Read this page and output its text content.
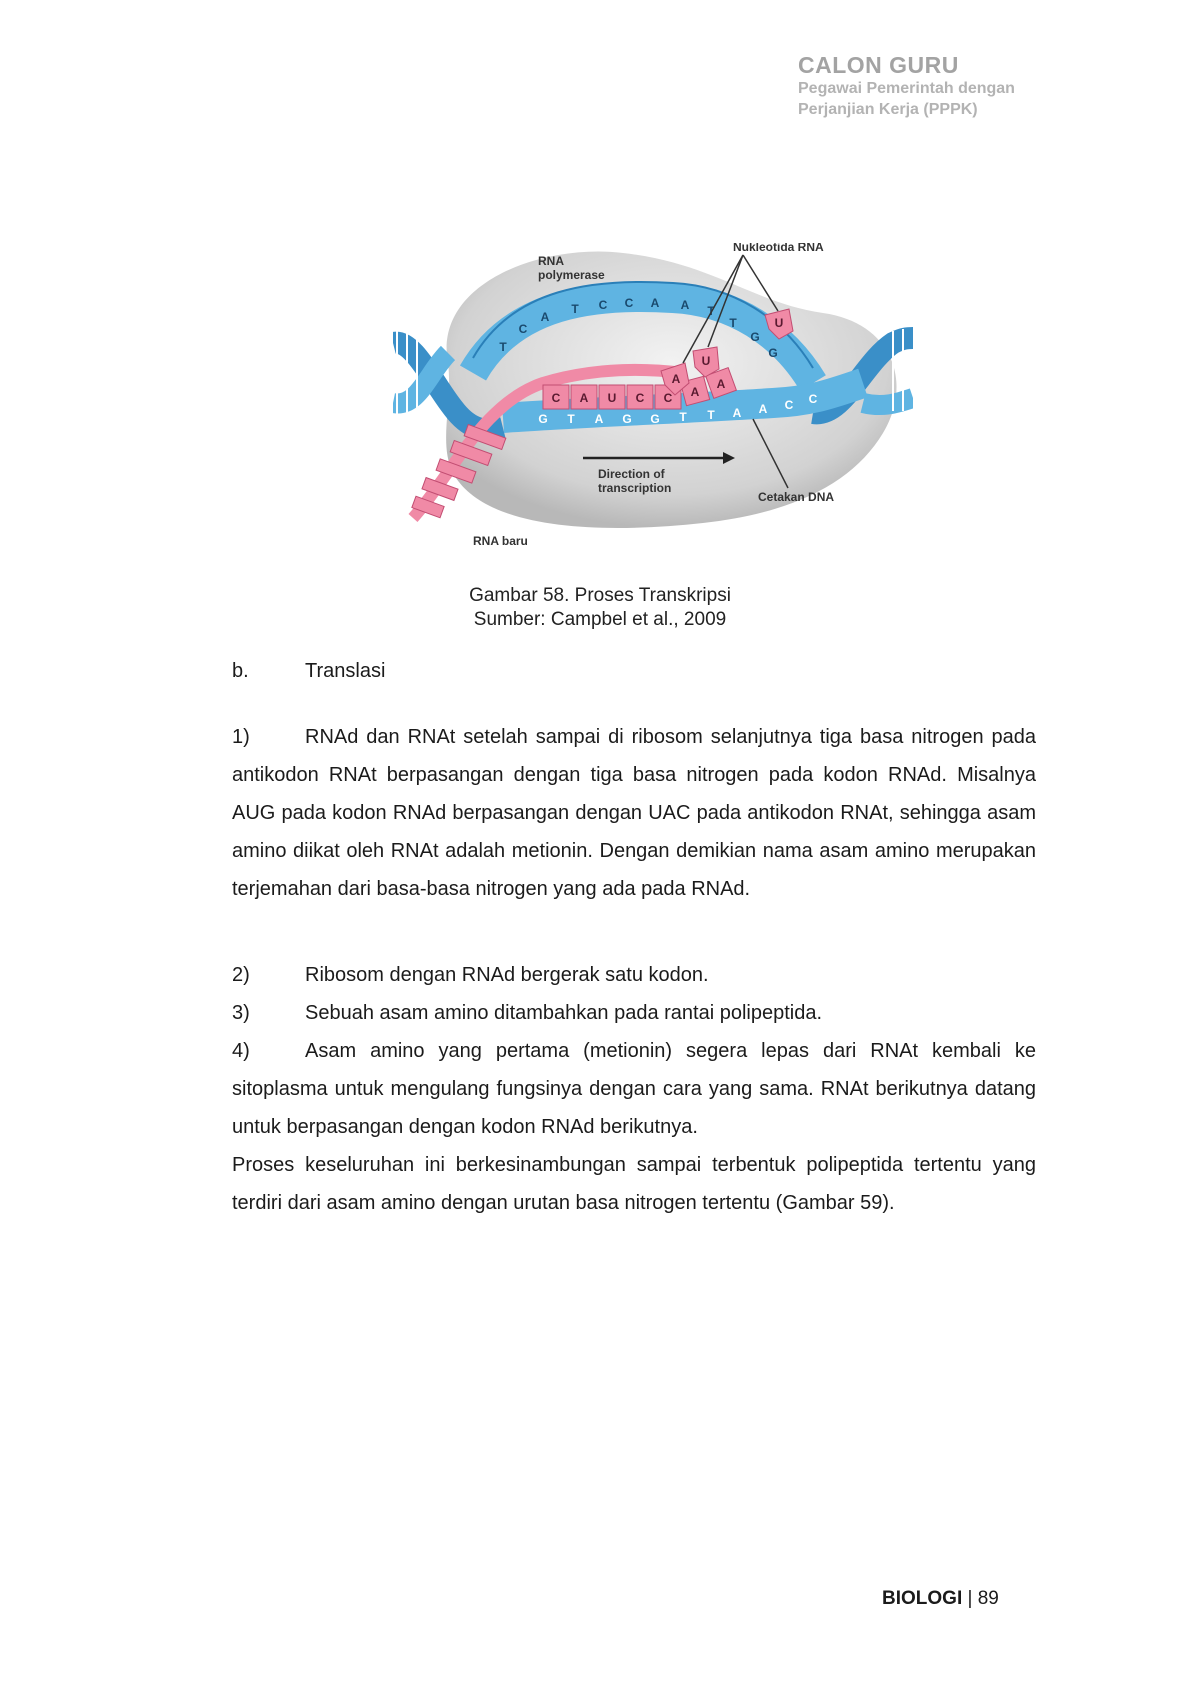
CALON GURU
Pegawai Pemerintah dengan
Perjanjian Kerja (PPPK)
T
C
A
T C C A A T
T
G
G
C A U C C A
A
G T A G G T T A A C C
A
U
U
RNA
polymerase
Nukleotida RNA
Direction of
transcription
Cetakan DNA
RNA baru
Gambar 58. Proses Transkripsi
Sumber: Campbel et al., 2009
b.	Translasi
1)	RNAd dan RNAt setelah sampai di ribosom selanjutnya tiga basa nitrogen pada antikodon RNAt berpasangan dengan tiga basa nitrogen pada kodon RNAd. Misalnya AUG pada kodon RNAd berpasangan dengan UAC pada antikodon RNAt, sehingga asam amino diikat oleh RNAt adalah metionin. Dengan demikian nama asam amino merupakan terjemahan dari basa-basa nitrogen yang ada pada RNAd.
2)	Ribosom dengan RNAd bergerak satu kodon.
3)	Sebuah asam amino ditambahkan pada rantai polipeptida.
4)	Asam amino yang pertama (metionin) segera lepas dari RNAt kembali ke sitoplasma untuk mengulang fungsinya dengan cara yang sama. RNAt berikutnya datang untuk berpasangan dengan kodon RNAd berikutnya.
Proses keseluruhan ini berkesinambungan sampai terbentuk polipeptida tertentu yang terdiri dari asam amino dengan urutan basa nitrogen tertentu (Gambar 59).
BIOLOGI | 89
